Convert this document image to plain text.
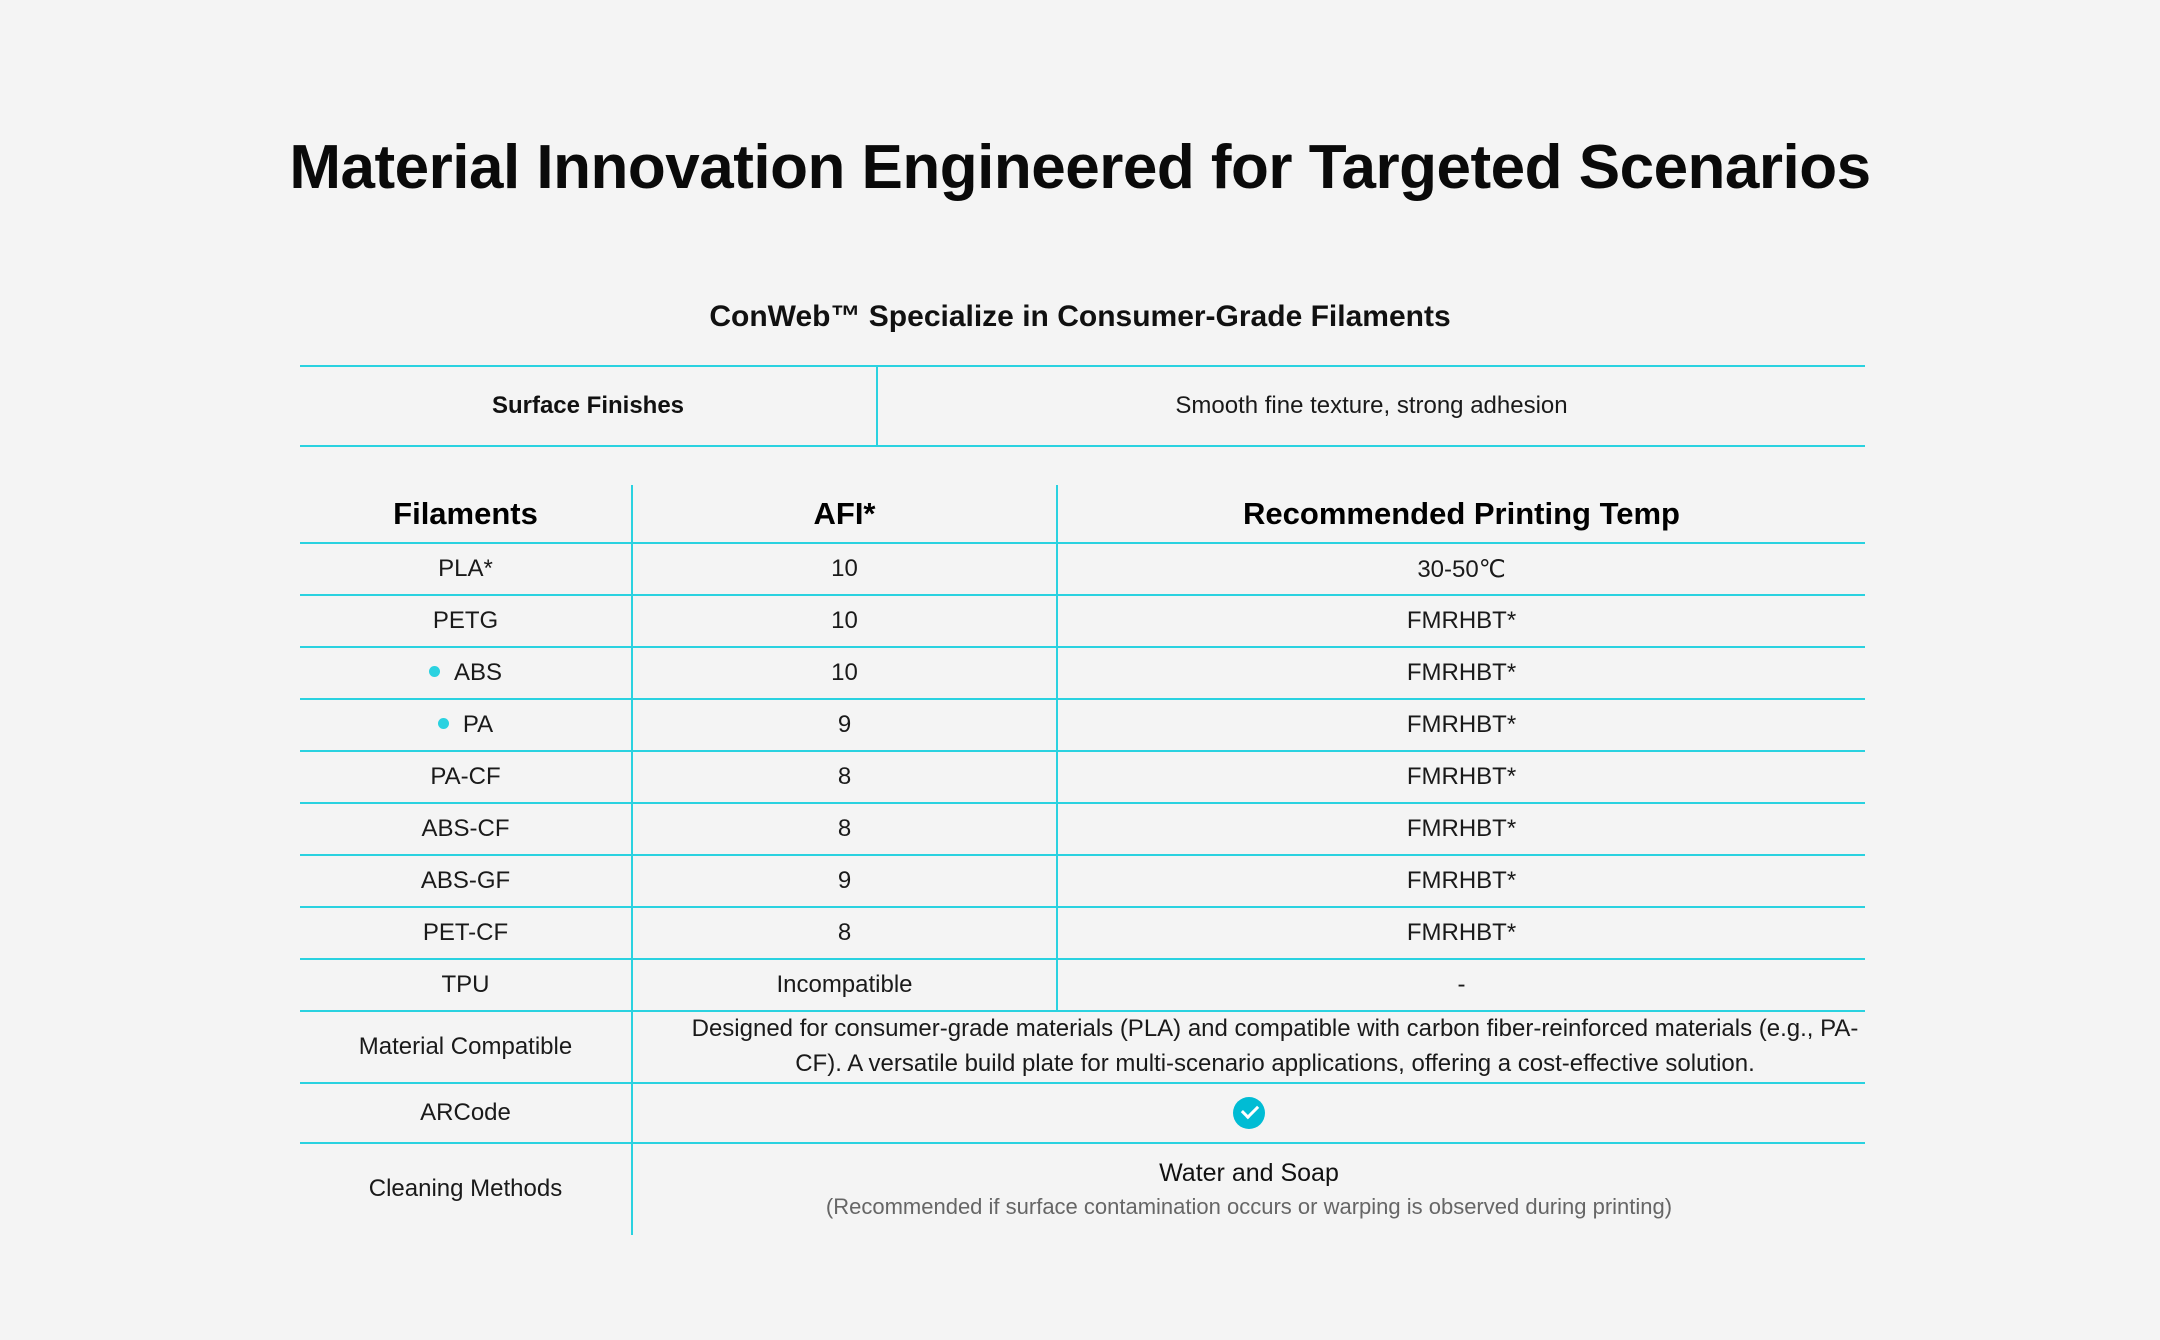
Material Innovation Engineered for Targeted Scenarios
ConWeb™ Specialize in Consumer-Grade Filaments
Surface Finishes	Smooth fine texture, strong adhesion
Filaments	AFI*	Recommended Printing Temp
PLA*	10	30-50℃
PETG	10	FMRHBT*
ABS	10	FMRHBT*
PA	9	FMRHBT*
PA-CF	8	FMRHBT*
ABS-CF	8	FMRHBT*
ABS-GF	9	FMRHBT*
PET-CF	8	FMRHBT*
TPU	Incompatible	-
Material Compatible	Designed for consumer-grade materials (PLA) and compatible with carbon fiber-reinforced materials (e.g., PA-CF). A versatile build plate for multi-scenario applications, offering a cost-effective solution.	
ARCode		
Cleaning Methods	Water and Soap
(Recommended if surface contamination occurs or warping is observed during printing)	
